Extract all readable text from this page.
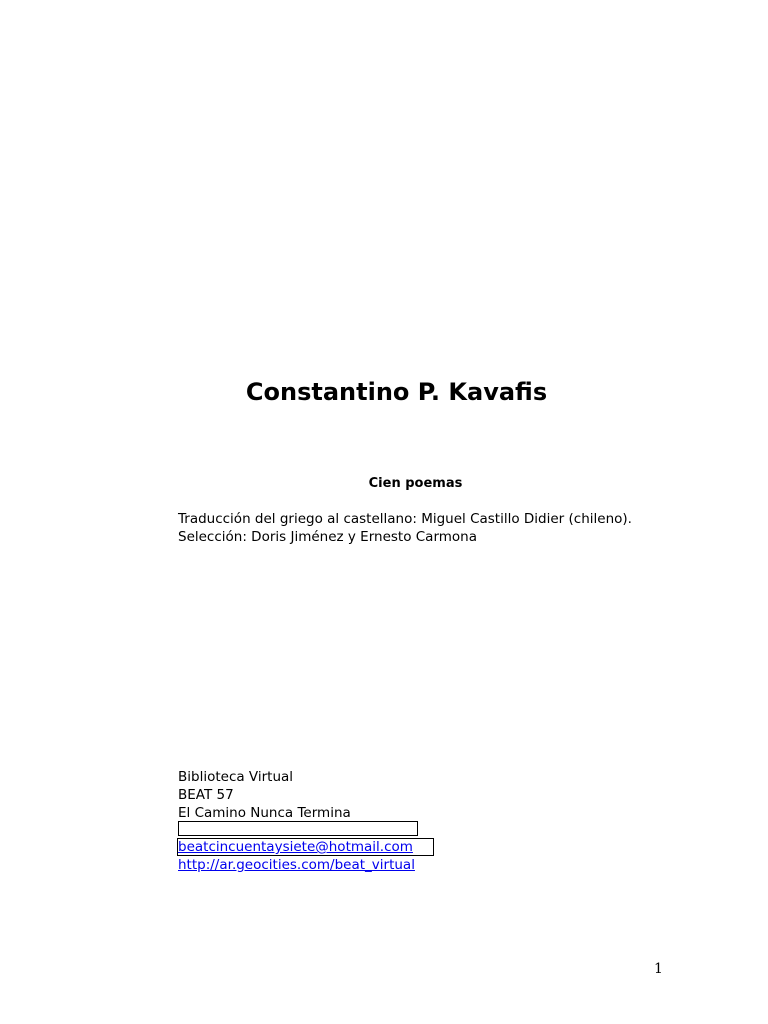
Constantino P. Kavafis
Cien poemas
Traducción del griego al castellano: Miguel Castillo Didier (chileno).
Selección: Doris Jiménez y Ernesto Carmona
Biblioteca Virtual
BEAT 57
El Camino Nunca Termina
beatcincuentaysiete@hotmail.com
http://ar.geocities.com/beat_virtual
1
